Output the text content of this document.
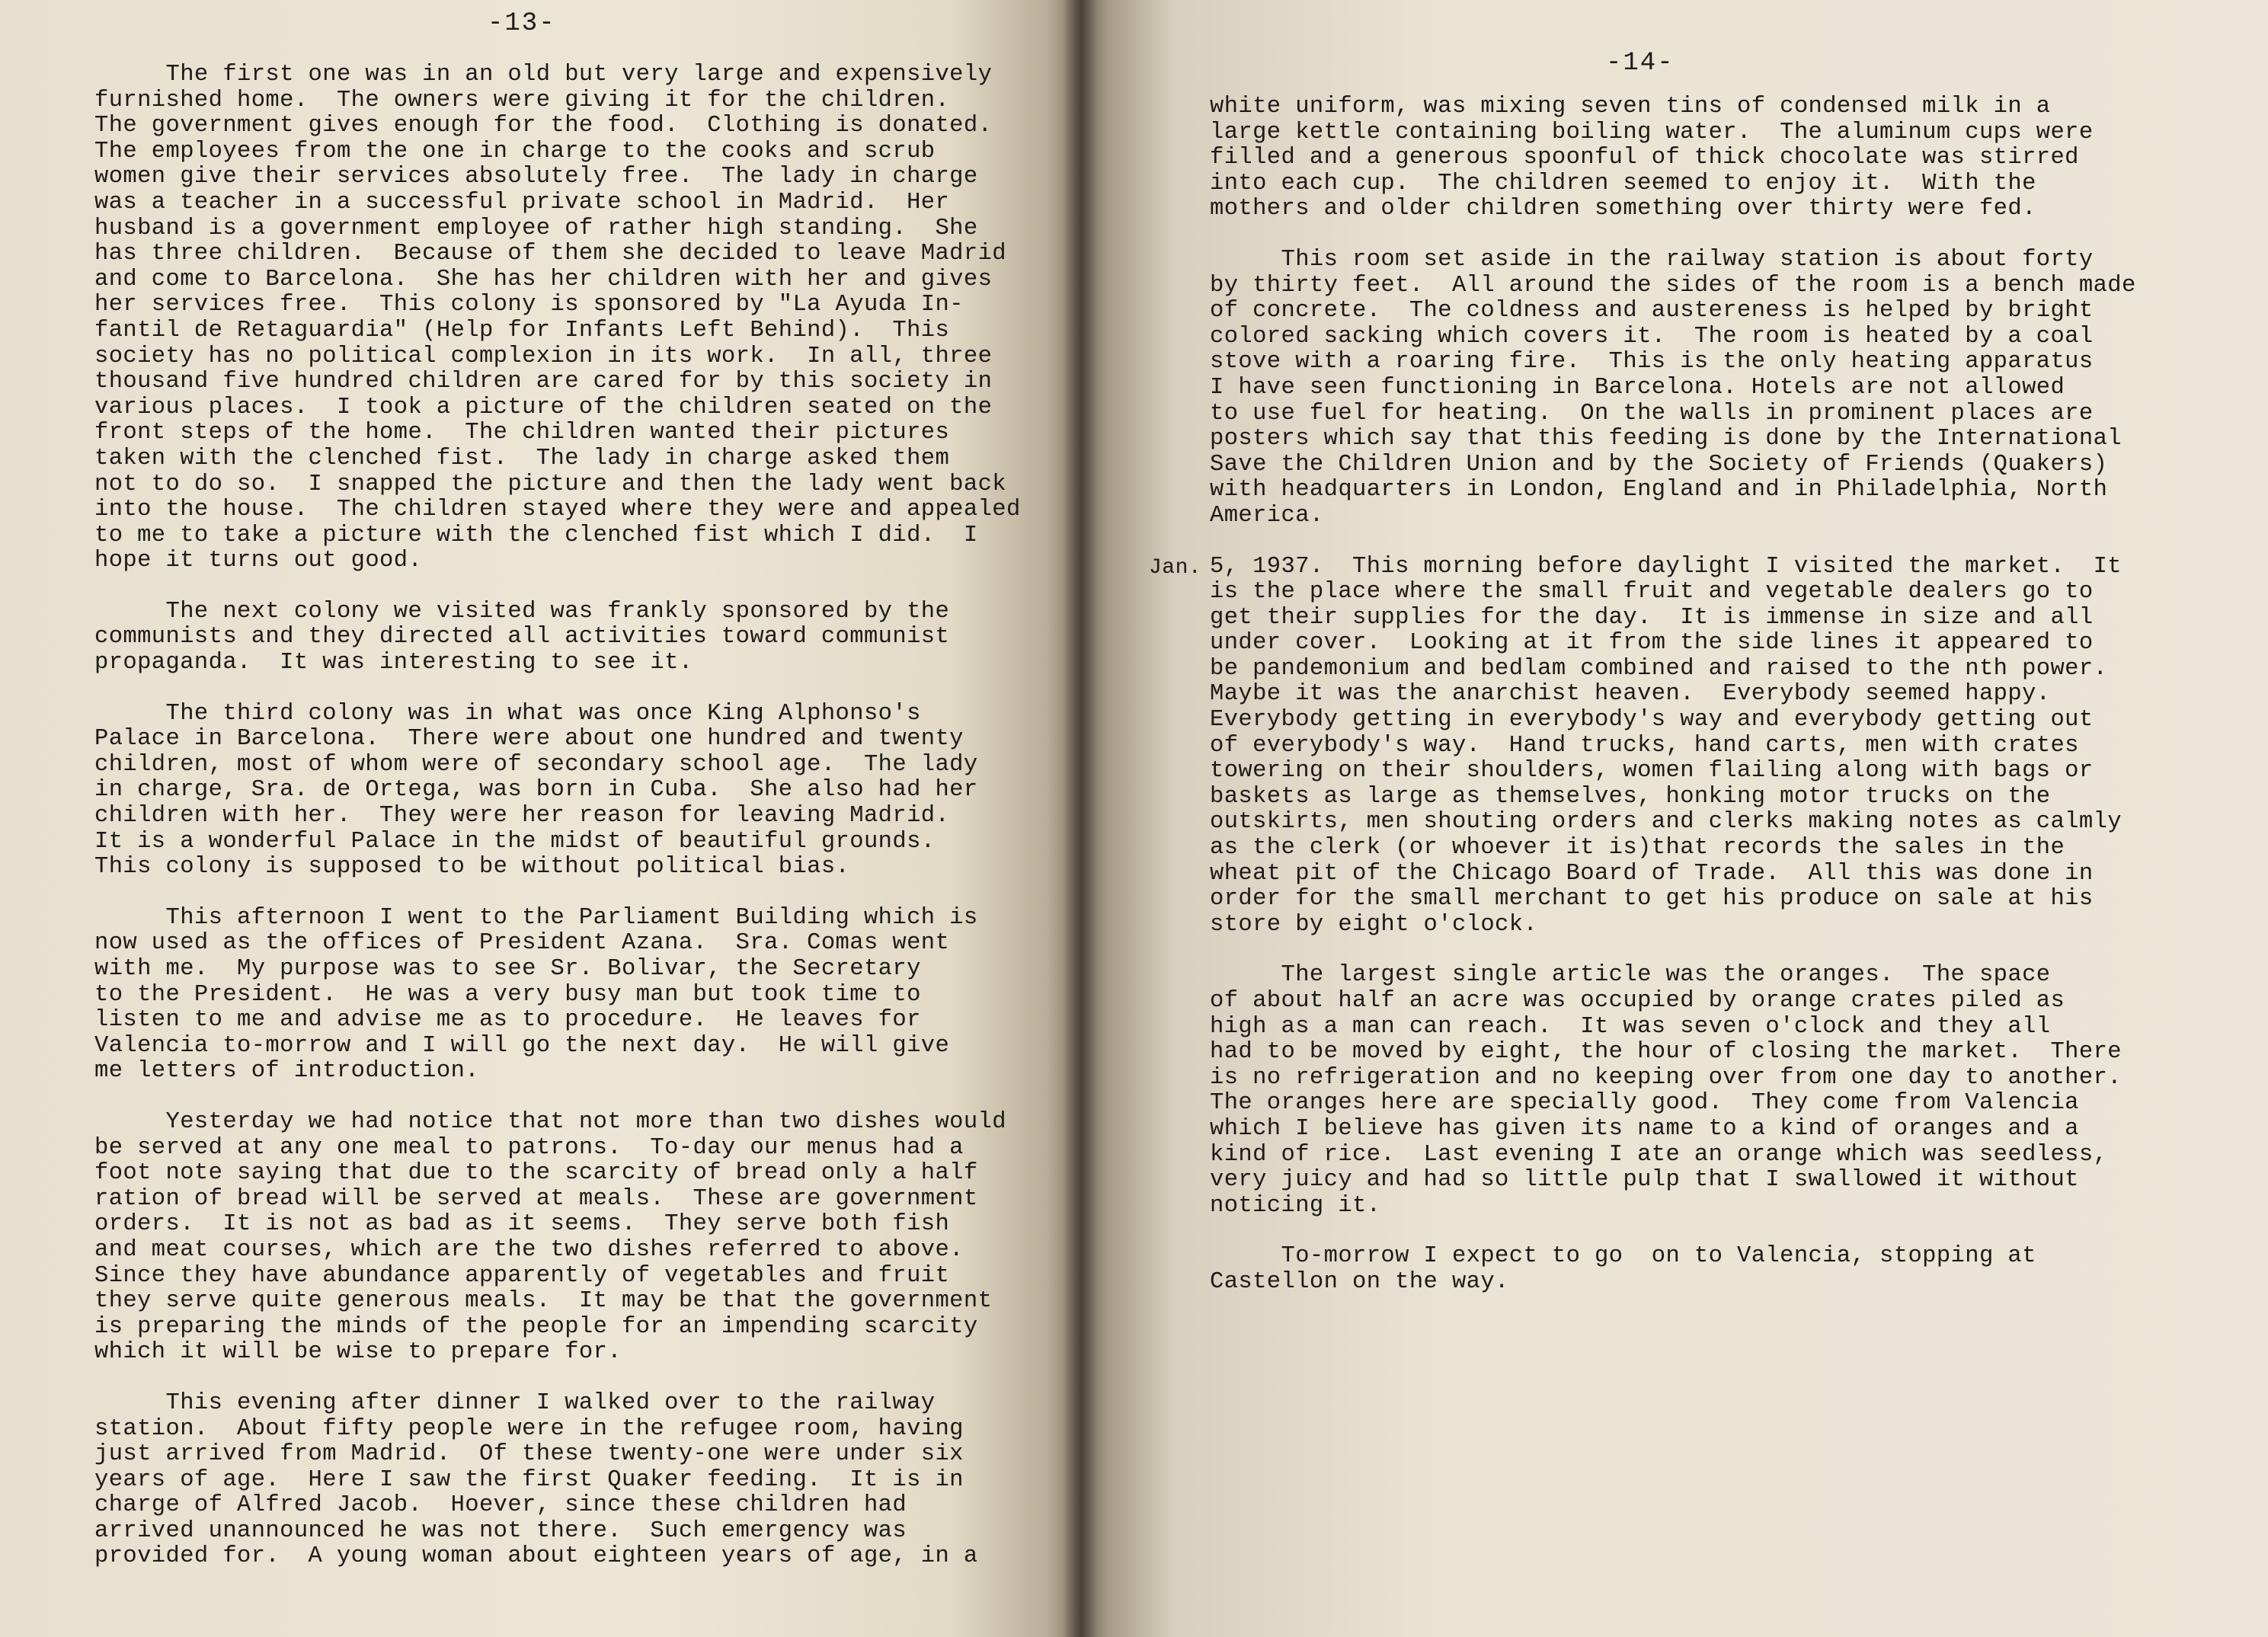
-13-
The first one was in an old but very large and expensively
furnished home.  The owners were giving it for the children.
The government gives enough for the food.  Clothing is donated.
The employees from the one in charge to the cooks and scrub
women give their services absolutely free.  The lady in charge
was a teacher in a successful private school in Madrid.  Her
husband is a government employee of rather high standing.  She
has three children.  Because of them she decided to leave Madrid
and come to Barcelona.  She has her children with her and gives
her services free.  This colony is sponsored by "La Ayuda In-
fantil de Retaguardia" (Help for Infants Left Behind).  This
society has no political complexion in its work.  In all, three
thousand five hundred children are cared for by this society in
various places.  I took a picture of the children seated on the
front steps of the home.  The children wanted their pictures
taken with the clenched fist.  The lady in charge asked them
not to do so.  I snapped the picture and then the lady went back
into the house.  The children stayed where they were and appealed
to me to take a picture with the clenched fist which I did.  I
hope it turns out good.
The next colony we visited was frankly sponsored by the
communists and they directed all activities toward communist
propaganda.  It was interesting to see it.
The third colony was in what was once King Alphonso's
Palace in Barcelona.  There were about one hundred and twenty
children, most of whom were of secondary school age.  The lady
in charge, Sra. de Ortega, was born in Cuba.  She also had her
children with her.  They were her reason for leaving Madrid.
It is a wonderful Palace in the midst of beautiful grounds.
This colony is supposed to be without political bias.
This afternoon I went to the Parliament Building which is
now used as the offices of President Azana.  Sra. Comas went
with me.  My purpose was to see Sr. Bolivar, the Secretary
to the President.  He was a very busy man but took time to
listen to me and advise me as to procedure.  He leaves for
Valencia to-morrow and I will go the next day.  He will give
me letters of introduction.
Yesterday we had notice that not more than two dishes would
be served at any one meal to patrons.  To-day our menus had a
foot note saying that due to the scarcity of bread only a half
ration of bread will be served at meals.  These are government
orders.  It is not as bad as it seems.  They serve both fish
and meat courses, which are the two dishes referred to above.
Since they have abundance apparently of vegetables and fruit
they serve quite generous meals.  It may be that the government
is preparing the minds of the people for an impending scarcity
which it will be wise to prepare for.
This evening after dinner I walked over to the railway
station.  About fifty people were in the refugee room, having
just arrived from Madrid.  Of these twenty-one were under six
years of age.  Here I saw the first Quaker feeding.  It is in
charge of Alfred Jacob.  Hoever, since these children had
arrived unannounced he was not there.  Such emergency was
provided for.  A young woman about eighteen years of age, in a
-14-
Jan.
white uniform, was mixing seven tins of condensed milk in a
large kettle containing boiling water.  The aluminum cups were
filled and a generous spoonful of thick chocolate was stirred
into each cup.  The children seemed to enjoy it.  With the
mothers and older children something over thirty were fed.
This room set aside in the railway station is about forty
by thirty feet.  All around the sides of the room is a bench made
of concrete.  The coldness and austereness is helped by bright
colored sacking which covers it.  The room is heated by a coal
stove with a roaring fire.  This is the only heating apparatus
I have seen functioning in Barcelona. Hotels are not allowed
to use fuel for heating.  On the walls in prominent places are
posters which say that this feeding is done by the International
Save the Children Union and by the Society of Friends (Quakers)
with headquarters in London, England and in Philadelphia, North
America.
5, 1937.  This morning before daylight I visited the market.  It
is the place where the small fruit and vegetable dealers go to
get their supplies for the day.  It is immense in size and all
under cover.  Looking at it from the side lines it appeared to
be pandemonium and bedlam combined and raised to the nth power.
Maybe it was the anarchist heaven.  Everybody seemed happy.
Everybody getting in everybody's way and everybody getting out
of everybody's way.  Hand trucks, hand carts, men with crates
towering on their shoulders, women flailing along with bags or
baskets as large as themselves, honking motor trucks on the
outskirts, men shouting orders and clerks making notes as calmly
as the clerk (or whoever it is)that records the sales in the
wheat pit of the Chicago Board of Trade.  All this was done in
order for the small merchant to get his produce on sale at his
store by eight o'clock.
The largest single article was the oranges.  The space
of about half an acre was occupied by orange crates piled as
high as a man can reach.  It was seven o'clock and they all
had to be moved by eight, the hour of closing the market.  There
is no refrigeration and no keeping over from one day to another.
The oranges here are specially good.  They come from Valencia
which I believe has given its name to a kind of oranges and a
kind of rice.  Last evening I ate an orange which was seedless,
very juicy and had so little pulp that I swallowed it without
noticing it.
To-morrow I expect to go  on to Valencia, stopping at
Castellon on the way.
